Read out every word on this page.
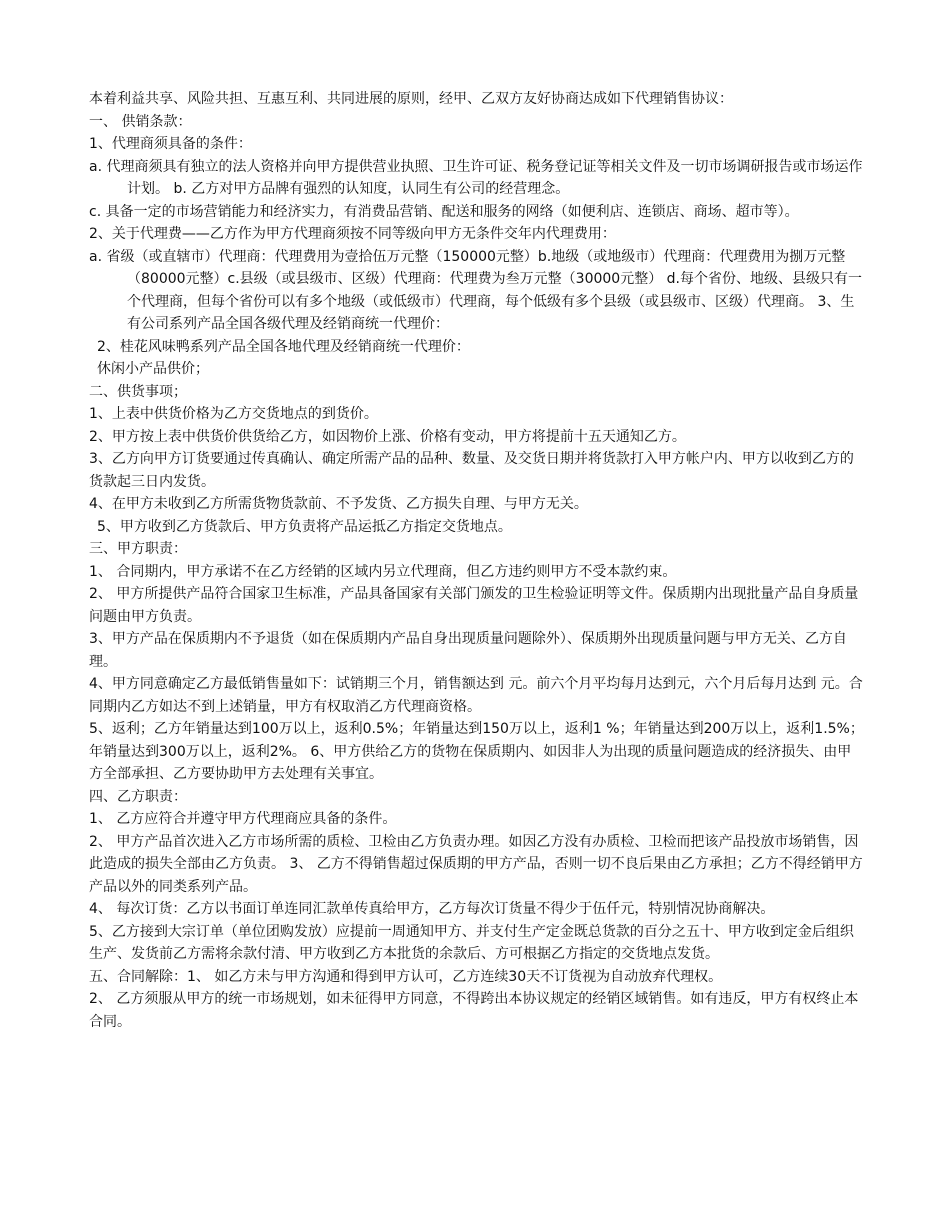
本着利益共享、风险共担、互惠互利、共同进展的原则，经甲、乙双方友好协商达成如下代理销售协议：

一、 供销条款：

1、代理商须具备的条件：

a. 代理商须具有独立的法人资格并向甲方提供营业执照、卫生许可证、税务登记证等相关文件及一切市场调研报告或市场运作计划。 b. 乙方对甲方品牌有强烈的认知度，认同生有公司的经营理念。

c. 具备一定的市场营销能力和经济实力，有消费品营销、配送和服务的网络（如便利店、连锁店、商场、超市等）。

2、关于代理费——乙方作为甲方代理商须按不同等级向甲方无条件交年内代理费用：

a. 省级（或直辖市）代理商：代理费用为壹拾伍万元整（150000元整）b.地级（或地级市）代理商：代理费用为捌万元整（80000元整）c.县级（或县级市、区级）代理商：代理费为叁万元整（30000元整） d.每个省份、地级、县级只有一个代理商，但每个省份可以有多个地级（或低级市）代理商，每个低级有多个县级（或县级市、区级）代理商。 3、生有公司系列产品全国各级代理及经销商统一代理价：

2、桂花风味鸭系列产品全国各地代理及经销商统一代理价：

休闲小产品供价；

二、供货事项；

1、上表中供货价格为乙方交货地点的到货价。

2、甲方按上表中供货价供货给乙方，如因物价上涨、价格有变动，甲方将提前十五天通知乙方。

3、乙方向甲方订货要通过传真确认、确定所需产品的品种、数量、及交货日期并将货款打入甲方帐户内、甲方以收到乙方的货款起三日内发货。

4、在甲方未收到乙方所需货物货款前、不予发货、乙方损失自理、与甲方无关。

5、甲方收到乙方货款后、甲方负责将产品运抵乙方指定交货地点。

三、甲方职责：

1、 合同期内，甲方承诺不在乙方经销的区域内另立代理商，但乙方违约则甲方不受本款约束。

2、 甲方所提供产品符合国家卫生标准，产品具备国家有关部门颁发的卫生检验证明等文件。保质期内出现批量产品自身质量问题由甲方负责。

3、甲方产品在保质期内不予退货（如在保质期内产品自身出现质量问题除外）、保质期外出现质量问题与甲方无关、乙方自理。

4、甲方同意确定乙方最低销售量如下：试销期三个月，销售额达到 元。前六个月平均每月达到元，六个月后每月达到 元。合同期内乙方如达不到上述销量，甲方有权取消乙方代理商资格。

5、返利；乙方年销量达到100万以上，返利0.5%；年销量达到150万以上，返利1 %；年销量达到200万以上，返利1.5%；年销量达到300万以上，返利2%。 6、甲方供给乙方的货物在保质期内、如因非人为出现的质量问题造成的经济损失、由甲方全部承担、乙方要协助甲方去处理有关事宜。

四、乙方职责：

1、 乙方应符合并遵守甲方代理商应具备的条件。

2、 甲方产品首次进入乙方市场所需的质检、卫检由乙方负责办理。如因乙方没有办质检、卫检而把该产品投放市场销售，因此造成的损失全部由乙方负责。 3、 乙方不得销售超过保质期的甲方产品，否则一切不良后果由乙方承担；乙方不得经销甲方产品以外的同类系列产品。

4、 每次订货：乙方以书面订单连同汇款单传真给甲方，乙方每次订货量不得少于伍仟元，特别情况协商解决。

5、乙方接到大宗订单（单位团购发放）应提前一周通知甲方、并支付生产定金既总货款的百分之五十、甲方收到定金后组织生产、发货前乙方需将余款付清、甲方收到乙方本批货的余款后、方可根据乙方指定的交货地点发货。

五、合同解除：1、 如乙方未与甲方沟通和得到甲方认可，乙方连续30天不订货视为自动放弃代理权。

2、 乙方须服从甲方的统一市场规划，如未征得甲方同意，不得跨出本协议规定的经销区域销售。如有违反，甲方有权终止本合同。
